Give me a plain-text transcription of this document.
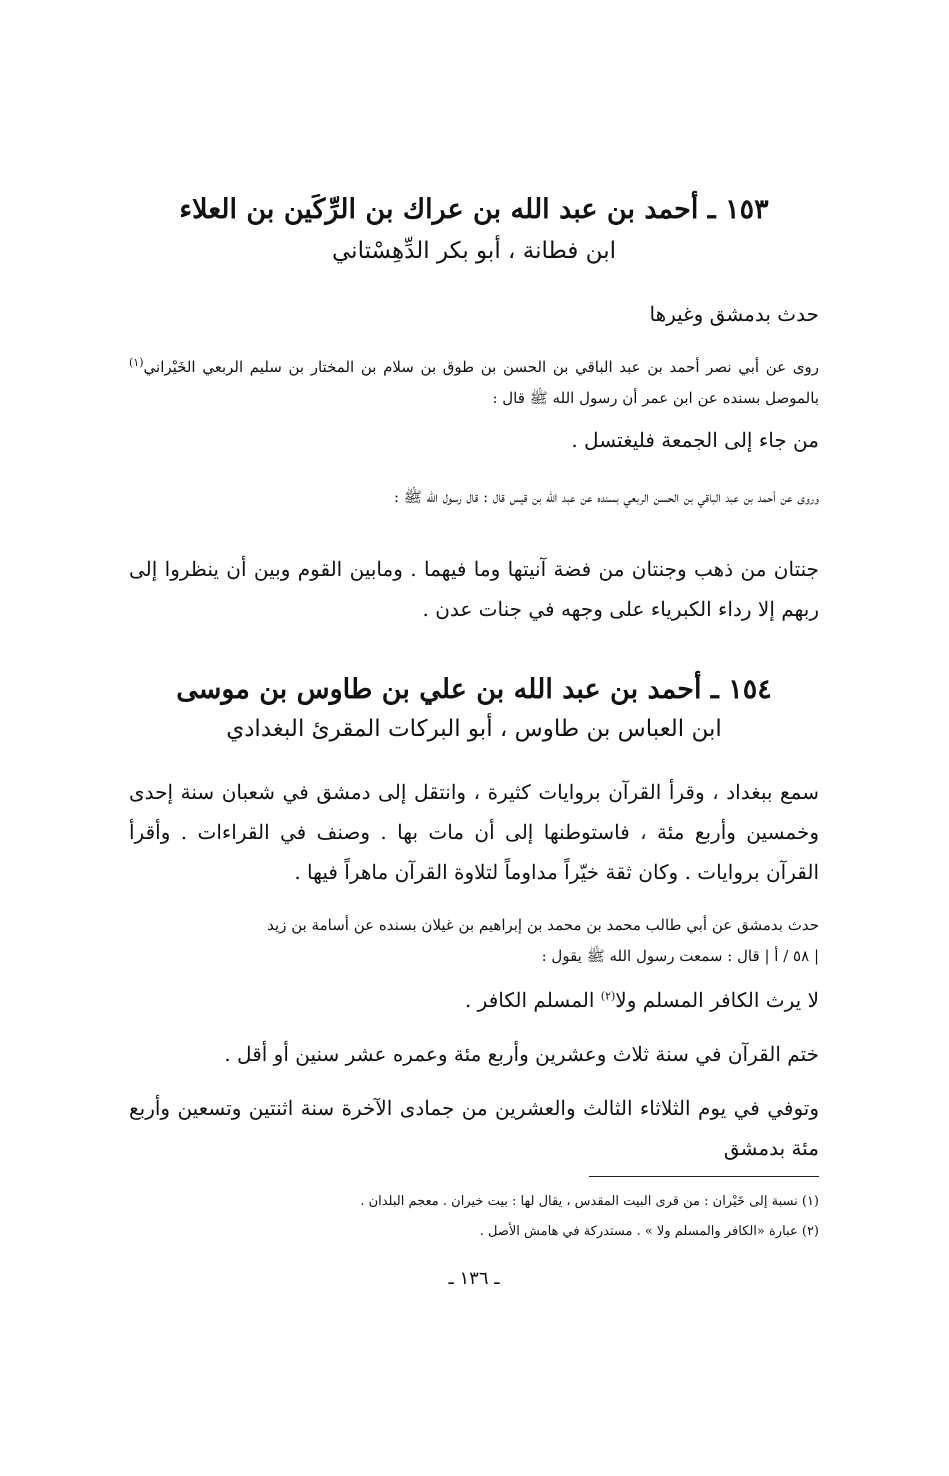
١٥٣ ـ أحمد بن عبد الله بن عراك بن الرِّكَين بن العلاء
ابن فطانة ، أبو بكر الدِّهِسْتاني

حدث بدمشق وغيرها

روى عن أبي نصر أحمد بن عبد الباقي بن الحسن بن طوق بن سلام بن المختار بن سليم الربعي الخَيْراني$^{(١)}$ بالموصل بسنده عن ابن عمر أن رسول الله ﷺ قال :

من جاء إلى الجمعة فليغتسل .

وروى عن أحمد بن عبد الباقي بن الحسن الربعي بسنده عن عبد الله بن قيس قال : قال رسول الله ﷺ :

جنتان من ذهب وجنتان من فضة آنيتها وما فيهما . ومابين القوم وبين أن ينظروا إلى ربهم إلا رداء الكبرياء على وجهه في جنات عدن .

١٥٤ ـ أحمد بن عبد الله بن علي بن طاوس بن موسى
ابن العباس بن طاوس ، أبو البركات المقرئ البغدادي

سمع ببغداد ، وقرأ القرآن بروايات كثيرة ، وانتقل إلى دمشق في شعبان سنة إحدى وخمسين وأربع مئة ، فاستوطنها إلى أن مات بها . وصنف في القراءات . وأقرأ القرآن بروايات . وكان ثقة خيّراً مداوماً لتلاوة القرآن ماهراً فيها .

حدث بدمشق عن أبي طالب محمد بن محمد بن إبراهيم بن غيلان بسنده عن أسامة بن زيد
| ٥٨ / أ | قال : سمعت رسول الله ﷺ يقول :

لا يرث الكافر المسلم ولا$^{(٢)}$ المسلم الكافر .

ختم القرآن في سنة ثلاث وعشرين وأربع مئة وعمره عشر سنين أو أقل .

وتوفي في يوم الثلاثاء الثالث والعشرين من جمادى الآخرة سنة اثنتين وتسعين وأربع مئة بدمشق

(١) نسبة إلى خَيْران : من قرى البيت المقدس ، يقال لها : بيت خيران . معجم البلدان .

(٢) عبارة «الكافر والمسلم ولا » . مستدركة في هامش الأصل .

ـ ١٣٦ ـ
